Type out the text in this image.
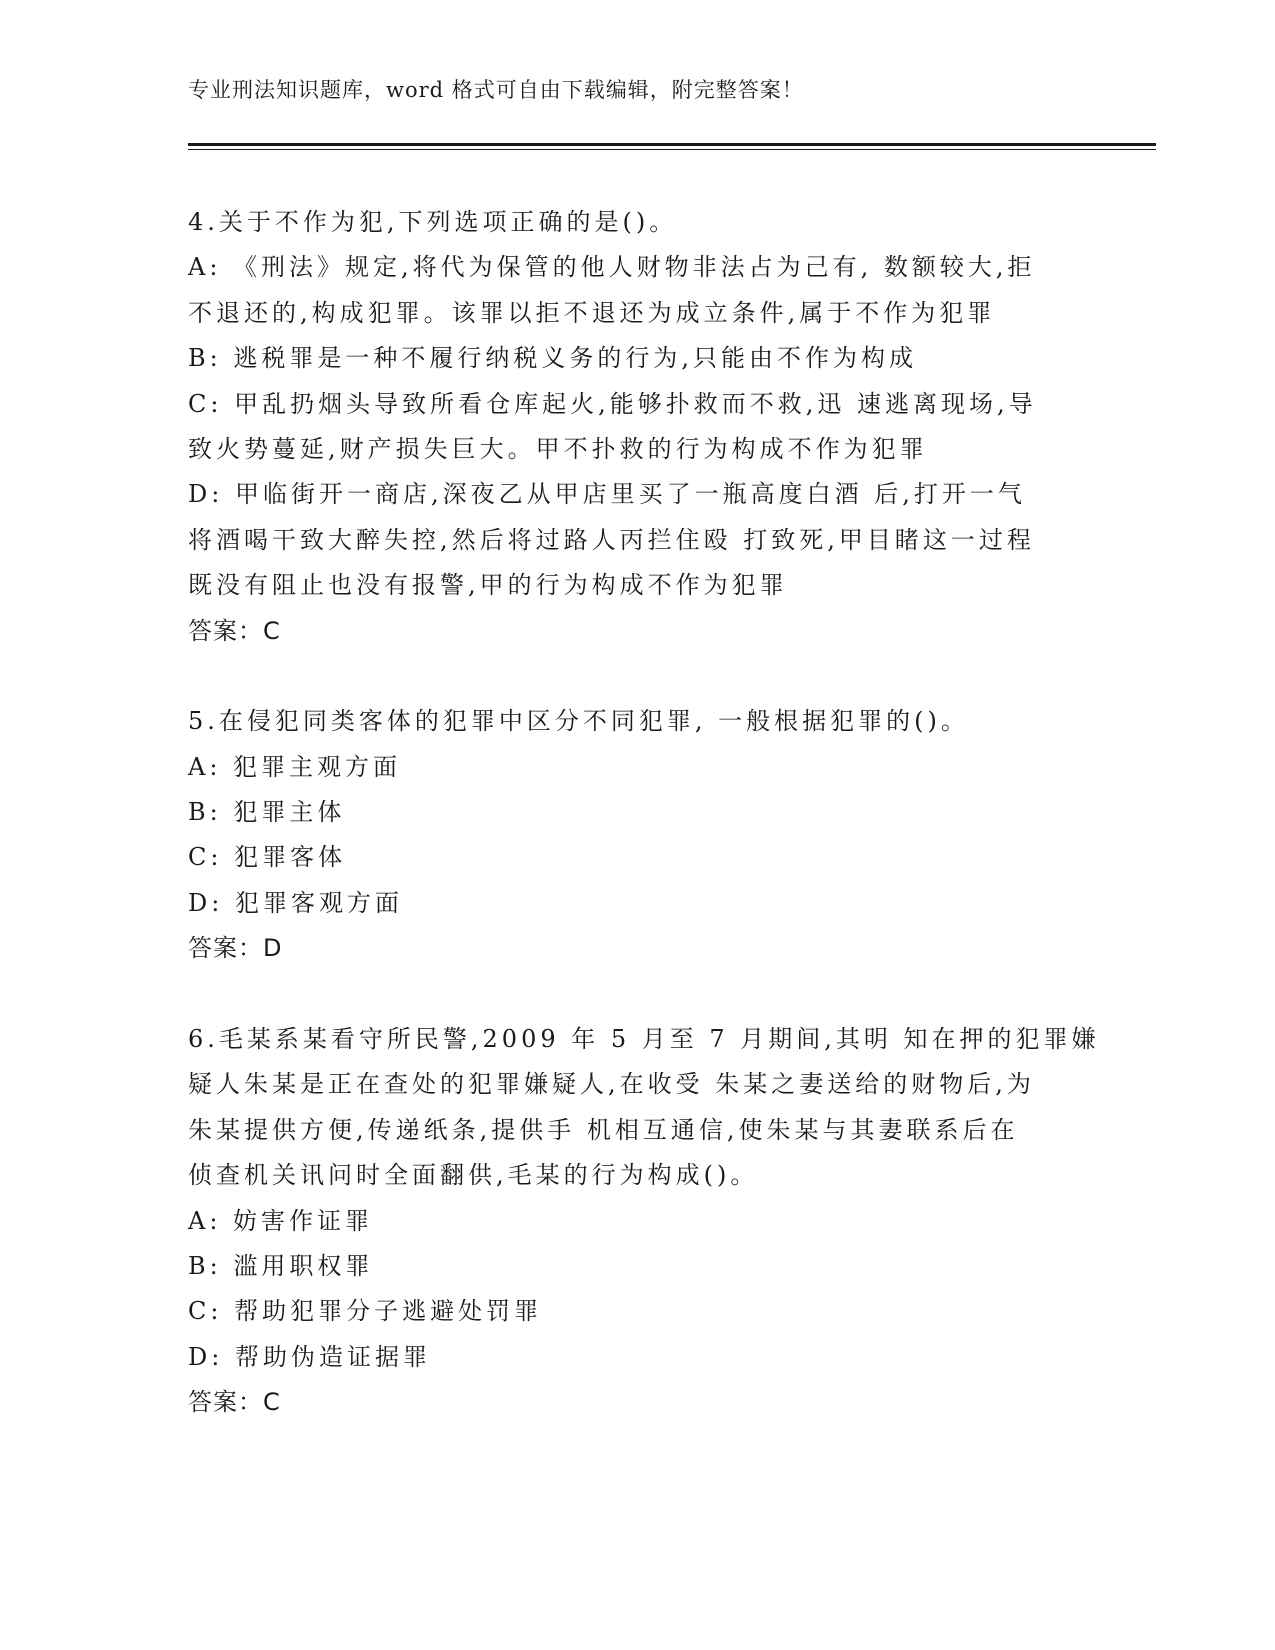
专业刑法知识题库，word 格式可自由下载编辑，附完整答案！
4.关于不作为犯,下列选项正确的是()。
A: 《刑法》规定,将代为保管的他人财物非法占为己有, 数额较大,拒
不退还的,构成犯罪。该罪以拒不退还为成立条件,属于不作为犯罪
B: 逃税罪是一种不履行纳税义务的行为,只能由不作为构成
C: 甲乱扔烟头导致所看仓库起火,能够扑救而不救,迅 速逃离现场,导
致火势蔓延,财产损失巨大。甲不扑救的行为构成不作为犯罪
D: 甲临街开一商店,深夜乙从甲店里买了一瓶高度白酒 后,打开一气
将酒喝干致大醉失控,然后将过路人丙拦住殴 打致死,甲目睹这一过程
既没有阻止也没有报警,甲的行为构成不作为犯罪
答案：C
5.在侵犯同类客体的犯罪中区分不同犯罪, 一般根据犯罪的()。
A: 犯罪主观方面
B: 犯罪主体
C: 犯罪客体
D: 犯罪客观方面
答案：D
6.毛某系某看守所民警,2009 年 5 月至 7 月期间,其明 知在押的犯罪嫌
疑人朱某是正在查处的犯罪嫌疑人,在收受 朱某之妻送给的财物后,为
朱某提供方便,传递纸条,提供手 机相互通信,使朱某与其妻联系后在
侦查机关讯问时全面翻供,毛某的行为构成()。
A: 妨害作证罪
B: 滥用职权罪
C: 帮助犯罪分子逃避处罚罪
D: 帮助伪造证据罪
答案：C
